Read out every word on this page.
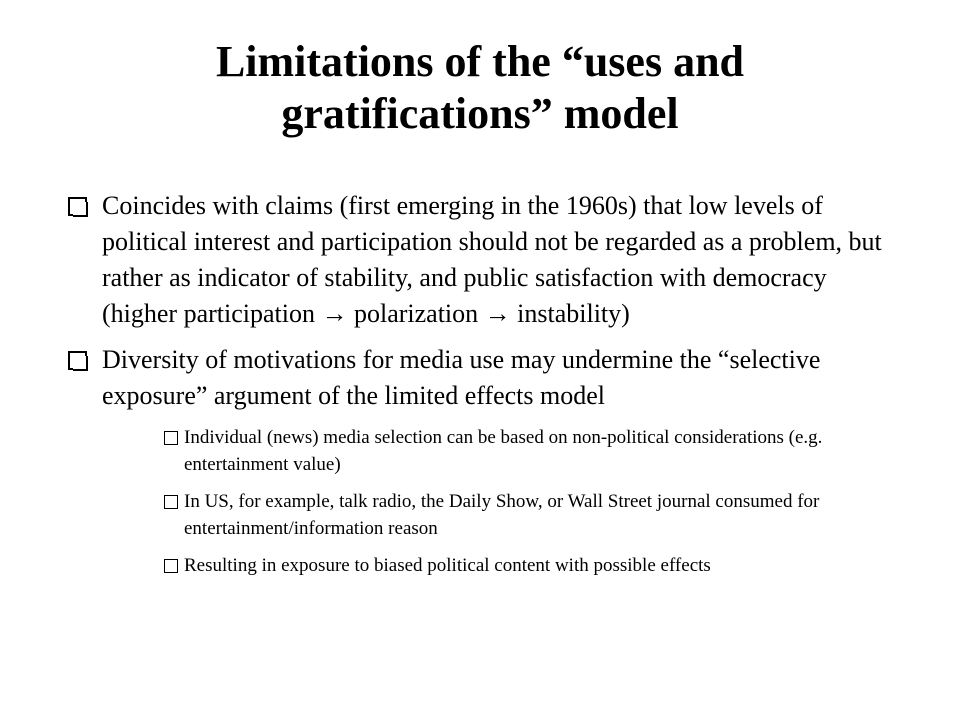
Limitations of the “uses and
gratifications” model
Coincides with claims (first emerging in the 1960s) that low levels of political interest and participation should not be regarded as a problem, but rather as indicator of stability, and public satisfaction with democracy (higher participation → polarization → instability)
Diversity of motivations for media use may undermine the “selective exposure” argument of the limited effects model
Individual (news) media selection can be based on non-political considerations (e.g. entertainment value)
In US, for example, talk radio, the Daily Show, or Wall Street journal consumed for entertainment/information reason
Resulting in exposure to biased political content with possible effects
